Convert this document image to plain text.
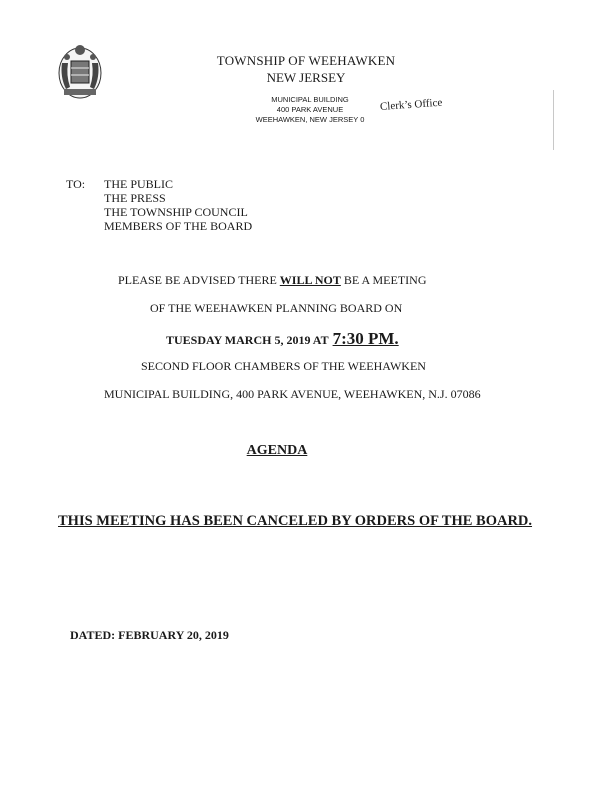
TOWNSHIP OF WEEHAWKEN
NEW JERSEY
MUNICIPAL BUILDING
400 PARK AVENUE
WEEHAWKEN, NEW JERSEY 0
Clerk’s Office
TO: THE PUBLIC
THE PRESS
THE TOWNSHIP COUNCIL
MEMBERS OF THE BOARD
PLEASE BE ADVISED THERE WILL NOT BE A MEETING
OF THE WEEHAWKEN PLANNING BOARD ON
TUESDAY MARCH 5, 2019 AT 7:30 PM.
SECOND FLOOR CHAMBERS OF THE WEEHAWKEN
MUNICIPAL BUILDING, 400 PARK AVENUE, WEEHAWKEN, N.J. 07086
AGENDA
THIS MEETING HAS BEEN CANCELED BY ORDERS OF THE BOARD.
DATED: FEBRUARY 20, 2019
